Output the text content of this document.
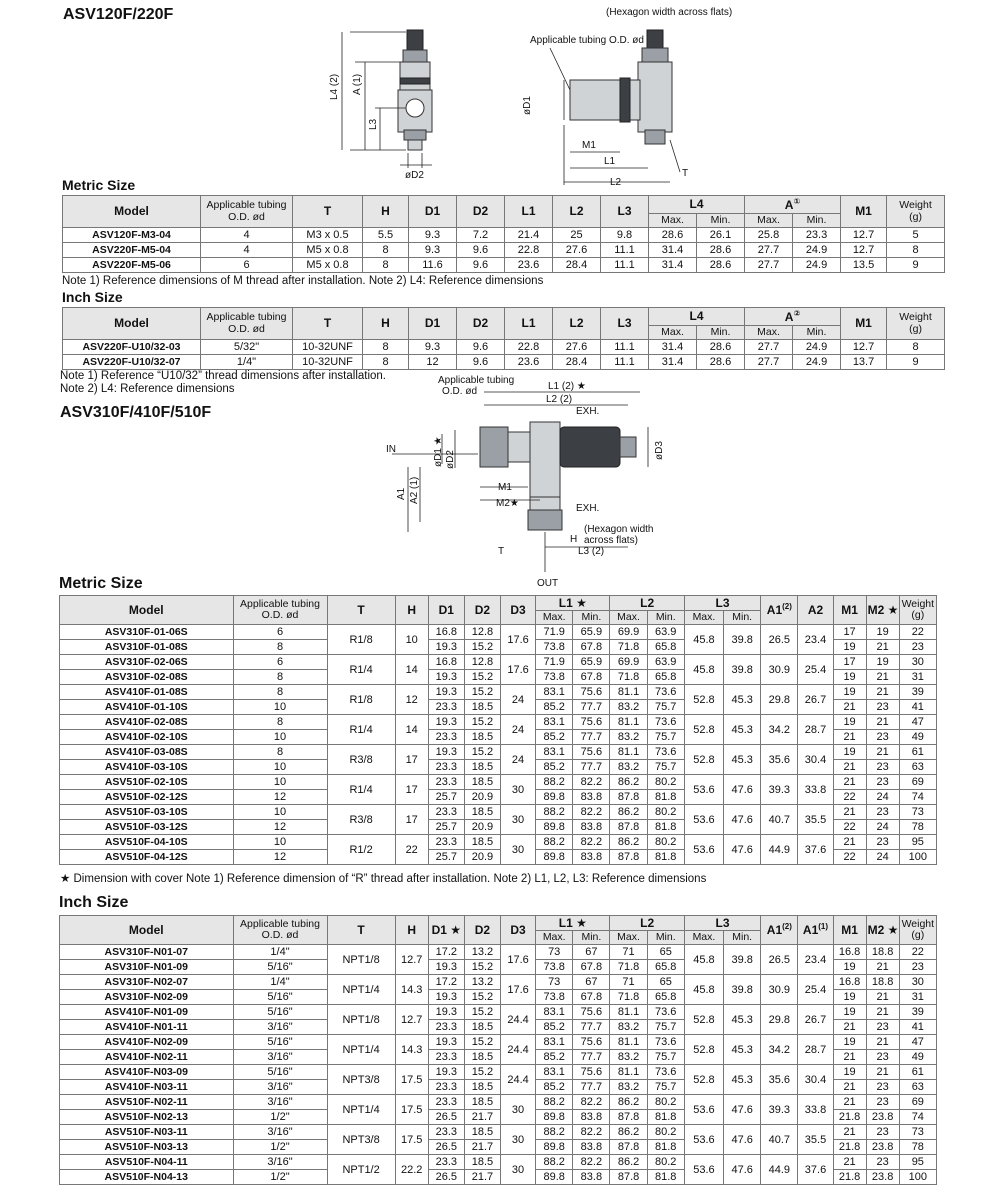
ASV120F/220F
L4 (2) A (1)
L3
øD2
(Hexagon width across flats)
Applicable tubing O.D. ød
øD1
M1
L1
L2
T
Metric Size
Model	Applicable tubing
O.D. ød	T	H	D1	D2	L1	L2	L3	L4		A①		M1	Weight
(g)
									Max.	Min.	Max.	Min.		
ASV120F-M3-04	4	M3 x 0.5	5.5	9.3	7.2	21.4	25	9.8	28.6	26.1	25.8	23.3	12.7	5
ASV220F-M5-04	4	M5 x 0.8	8	9.3	9.6	22.8	27.6	11.1	31.4	28.6	27.7	24.9	12.7	8
ASV220F-M5-06	6	M5 x 0.8	8	11.6	9.6	23.6	28.4	11.1	31.4	28.6	27.7	24.9	13.5	9
Note 1) Reference dimensions of M thread after installation. Note 2) L4: Reference dimensions
Inch Size
Model	Applicable tubing
O.D. ød	T	H	D1	D2	L1	L2	L3	L4		A②		M1	Weight
(g)
									Max.	Min.	Max.	Min.		
ASV220F-U10/32-03	5/32"	10-32UNF	8	9.3	9.6	22.8	27.6	11.1	31.4	28.6	27.7	24.9	12.7	8
ASV220F-U10/32-07	1/4"	10-32UNF	8	12	9.6	23.6	28.4	11.1	31.4	28.6	27.7	24.9	13.7	9
Note 1) Reference “U10/32” thread dimensions after installation.
Note 2) L4: Reference dimensions
ASV310F/410F/510F
Applicable tubing
O.D. ød	L1 (2) ★
L2 (2)
EXH.
IN	øD1 ★ øD2	øD3
A1 A2 (1)	M1
M2★	EXH.
(Hexagon width
across flats)
H
L3 (2)
T
OUT
Metric Size
Model	Applicable tubing
O.D. ød	T	H	D1	D2	D3	L1 ★		L2		L3		A1$^{(2)}$	A2	M1	M2 ★	Weight
(g)
							Max.	Min.	Max.	Min.	Max.	Min.					
ASV310F-01-06S	6	R1/8	10	16.8	12.8	17.6	71.9	65.9	69.9	63.9	45.8	39.8	26.5	23.4	17	19	22
ASV310F-01-08S	8			19.3	15.2		73.8	67.8	71.8	65.8					19	21	23
ASV310F-02-06S	6	R1/4	14	16.8	12.8	17.6	71.9	65.9	69.9	63.9	45.8	39.8	30.9	25.4	17	19	30
ASV310F-02-08S	8			19.3	15.2		73.8	67.8	71.8	65.8					19	21	31
ASV410F-01-08S	8	R1/8	12	19.3	15.2	24	83.1	75.6	81.1	73.6	52.8	45.3	29.8	26.7	19	21	39
ASV410F-01-10S	10			23.3	18.5		85.2	77.7	83.2	75.7					21	23	41
ASV410F-02-08S	8	R1/4	14	19.3	15.2	24	83.1	75.6	81.1	73.6	52.8	45.3	34.2	28.7	19	21	47
ASV410F-02-10S	10			23.3	18.5		85.2	77.7	83.2	75.7					21	23	49
ASV410F-03-08S	8	R3/8	17	19.3	15.2	24	83.1	75.6	81.1	73.6	52.8	45.3	35.6	30.4	19	21	61
ASV410F-03-10S	10			23.3	18.5		85.2	77.7	83.2	75.7					21	23	63
ASV510F-02-10S	10	R1/4	17	23.3	18.5	30	88.2	82.2	86.2	80.2	53.6	47.6	39.3	33.8	21	23	69
ASV510F-02-12S	12			25.7	20.9		89.8	83.8	87.8	81.8					22	24	74
ASV510F-03-10S	10	R3/8	17	23.3	18.5	30	88.2	82.2	86.2	80.2	53.6	47.6	40.7	35.5	21	23	73
ASV510F-03-12S	12			25.7	20.9		89.8	83.8	87.8	81.8					22	24	78
ASV510F-04-10S	10	R1/2	22	23.3	18.5	30	88.2	82.2	86.2	80.2	53.6	47.6	44.9	37.6	21	23	95
ASV510F-04-12S	12			25.7	20.9		89.8	83.8	87.8	81.8					22	24	100
★ Dimension with cover Note 1) Reference dimension of “R” thread after installation. Note 2) L1, L2, L3: Reference dimensions
Inch Size
Model	Applicable tubing
O.D. ød	T	H	D1 ★	D2	D3	L1 ★		L2		L3		A1$^{(2)}$	A1$^{(1)}$	M1	M2 ★	Weight
(g)
							Max.	Min.	Max.	Min.	Max.	Min.					
ASV310F-N01-07	1/4"	NPT1/8	12.7	17.2	13.2	17.6	73	67	71	65	45.8	39.8	26.5	23.4	16.8	18.8	22
ASV310F-N01-09	5/16"			19.3	15.2		73.8	67.8	71.8	65.8					19	21	23
ASV310F-N02-07	1/4"	NPT1/4	14.3	17.2	13.2	17.6	73	67	71	65	45.8	39.8	30.9	25.4	16.8	18.8	30
ASV310F-N02-09	5/16"			19.3	15.2		73.8	67.8	71.8	65.8					19	21	31
ASV410F-N01-09	5/16"	NPT1/8	12.7	19.3	15.2	24.4	83.1	75.6	81.1	73.6	52.8	45.3	29.8	26.7	19	21	39
ASV410F-N01-11	3/16"			23.3	18.5		85.2	77.7	83.2	75.7					21	23	41
ASV410F-N02-09	5/16"	NPT1/4	14.3	19.3	15.2	24.4	83.1	75.6	81.1	73.6	52.8	45.3	34.2	28.7	19	21	47
ASV410F-N02-11	3/16"			23.3	18.5		85.2	77.7	83.2	75.7					21	23	49
ASV410F-N03-09	5/16"	NPT3/8	17.5	19.3	15.2	24.4	83.1	75.6	81.1	73.6	52.8	45.3	35.6	30.4	19	21	61
ASV410F-N03-11	3/16"			23.3	18.5		85.2	77.7	83.2	75.7					21	23	63
ASV510F-N02-11	3/16"	NPT1/4	17.5	23.3	18.5	30	88.2	82.2	86.2	80.2	53.6	47.6	39.3	33.8	21	23	69
ASV510F-N02-13	1/2"			26.5	21.7		89.8	83.8	87.8	81.8					21.8	23.8	74
ASV510F-N03-11	3/16"	NPT3/8	17.5	23.3	18.5	30	88.2	82.2	86.2	80.2	53.6	47.6	40.7	35.5	21	23	73
ASV510F-N03-13	1/2"			26.5	21.7		89.8	83.8	87.8	81.8					21.8	23.8	78
ASV510F-N04-11	3/16"	NPT1/2	22.2	23.3	18.5	30	88.2	82.2	86.2	80.2	53.6	47.6	44.9	37.6	21	23	95
ASV510F-N04-13	1/2"			26.5	21.7		89.8	83.8	87.8	81.8					21.8	23.8	100
